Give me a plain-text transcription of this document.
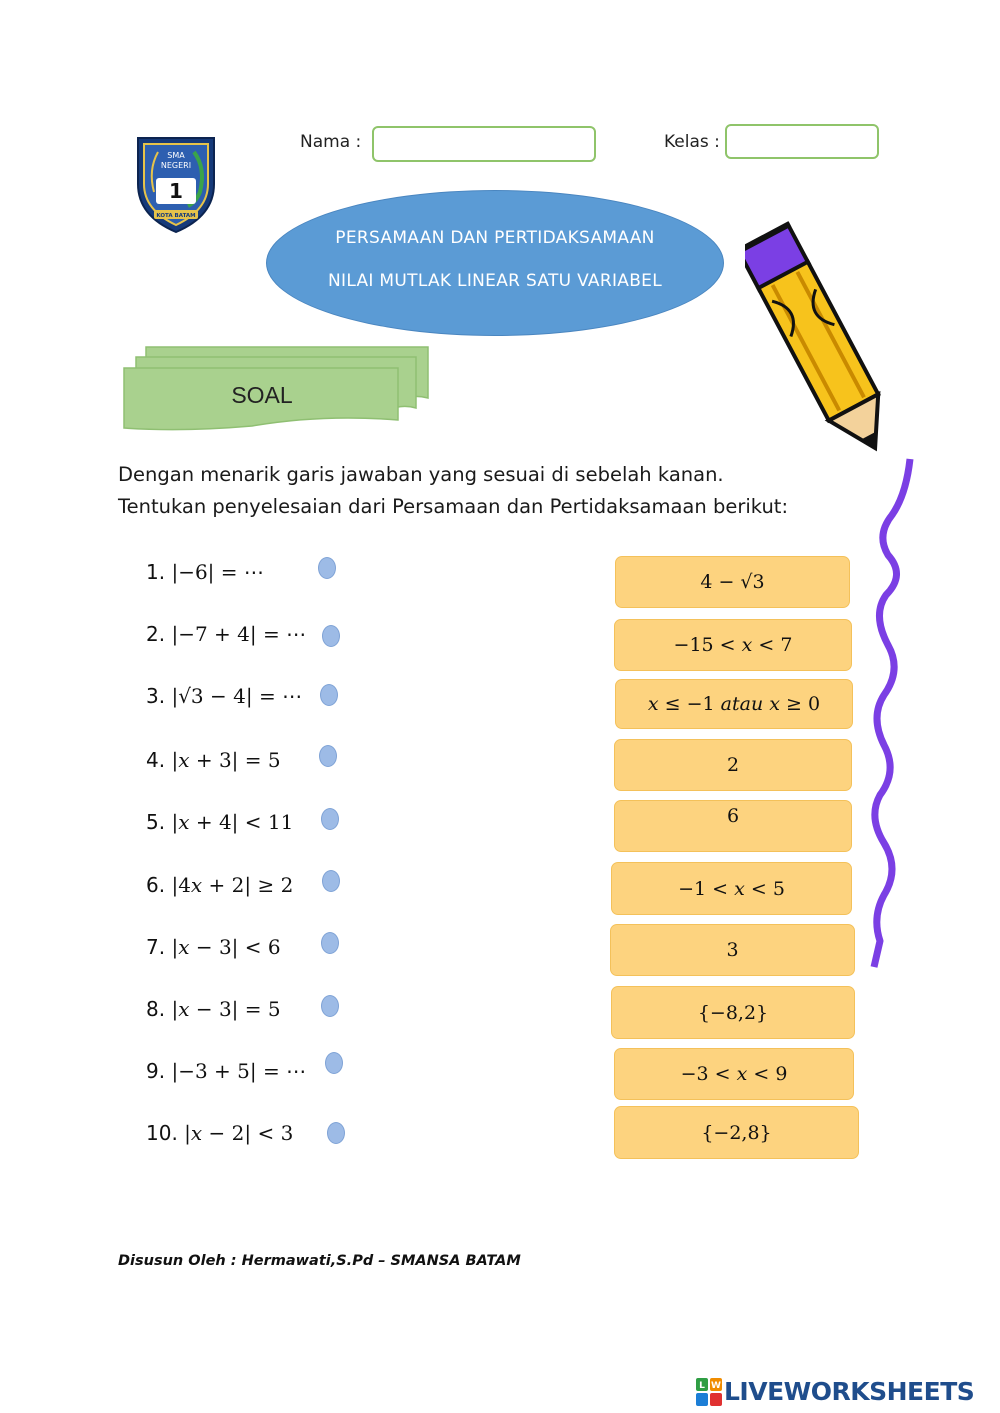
SMA
NEGERI
1
KOTA BATAM
Nama :	Kelas :
PERSAMAAN DAN PERTIDAKSAMAAN
NILAI MUTLAK LINEAR SATU VARIABEL
SOAL
Dengan menarik garis jawaban yang sesuai di sebelah kanan.
Tentukan penyelesaian dari Persamaan dan Pertidaksamaan berikut:
1. |−6| = ⋯
2. |−7 + 4| = ⋯
3. |√3 − 4| = ⋯
4. |𝑥 + 3| = 5
5. |𝑥 + 4| < 11
6. |4𝑥 + 2| ≥ 2
7. |𝑥 − 3| < 6
8. |𝑥 − 3| = 5
9. |−3 + 5| = ⋯
10. |𝑥 − 2| < 3
4 − √3
−15 < 𝑥 < 7
𝑥 ≤ −1 𝑎𝑡𝑎𝑢 𝑥 ≥ 0
2
6
−1 < 𝑥 < 5
3
{−8,2}
−3 < 𝑥 < 9
{−2,8}
Disusun Oleh : Hermawati,S.Pd – SMANSA BATAM
L W LIVEWORKSHEETS
